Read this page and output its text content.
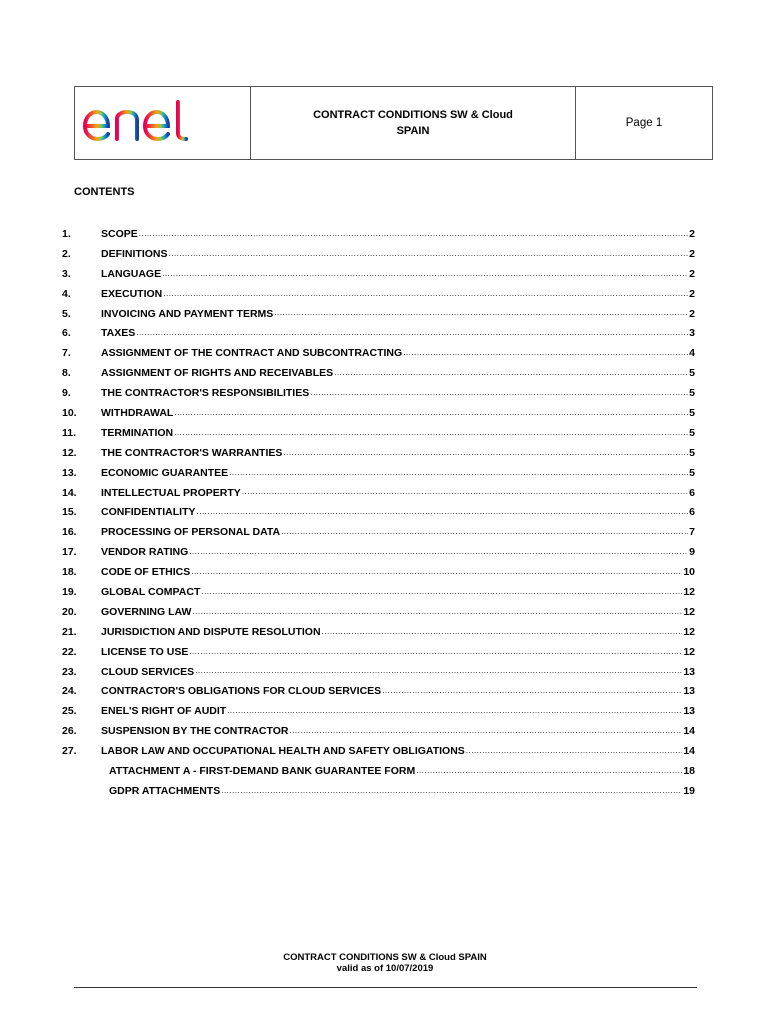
CONTRACT CONDITIONS SW & Cloud
SPAIN
Page 1
CONTENTS
1.	SCOPE .....	2
2.	DEFINITIONS .....	2
3.	LANGUAGE .....	2
4.	EXECUTION .....	2
5.	INVOICING AND PAYMENT TERMS .....	2
6.	TAXES .....	3
7.	ASSIGNMENT OF THE CONTRACT AND SUBCONTRACTING .....	4
8.	ASSIGNMENT OF RIGHTS AND RECEIVABLES .....	5
9.	THE CONTRACTOR'S RESPONSIBILITIES .....	5
10.	WITHDRAWAL .....	5
11.	TERMINATION .....	5
12.	THE CONTRACTOR'S WARRANTIES .....	5
13.	ECONOMIC GUARANTEE .....	5
14.	INTELLECTUAL PROPERTY .....	6
15.	CONFIDENTIALITY .....	6
16.	PROCESSING OF PERSONAL DATA .....	7
17.	VENDOR RATING .....	9
18.	CODE OF ETHICS .....	10
19.	GLOBAL COMPACT .....	12
20.	GOVERNING LAW .....	12
21.	JURISDICTION AND DISPUTE RESOLUTION .....	12
22.	LICENSE TO USE .....	12
23.	CLOUD SERVICES .....	13
24.	CONTRACTOR'S OBLIGATIONS FOR CLOUD SERVICES .....	13
25.	ENEL'S RIGHT OF AUDIT .....	13
26.	SUSPENSION BY THE CONTRACTOR .....	14
27.	LABOR LAW AND OCCUPATIONAL HEALTH AND SAFETY OBLIGATIONS .....	14
ATTACHMENT A - FIRST-DEMAND BANK GUARANTEE FORM .....	18
GDPR ATTACHMENTS .....	19
CONTRACT CONDITIONS SW & Cloud SPAIN
valid as of 10/07/2019
